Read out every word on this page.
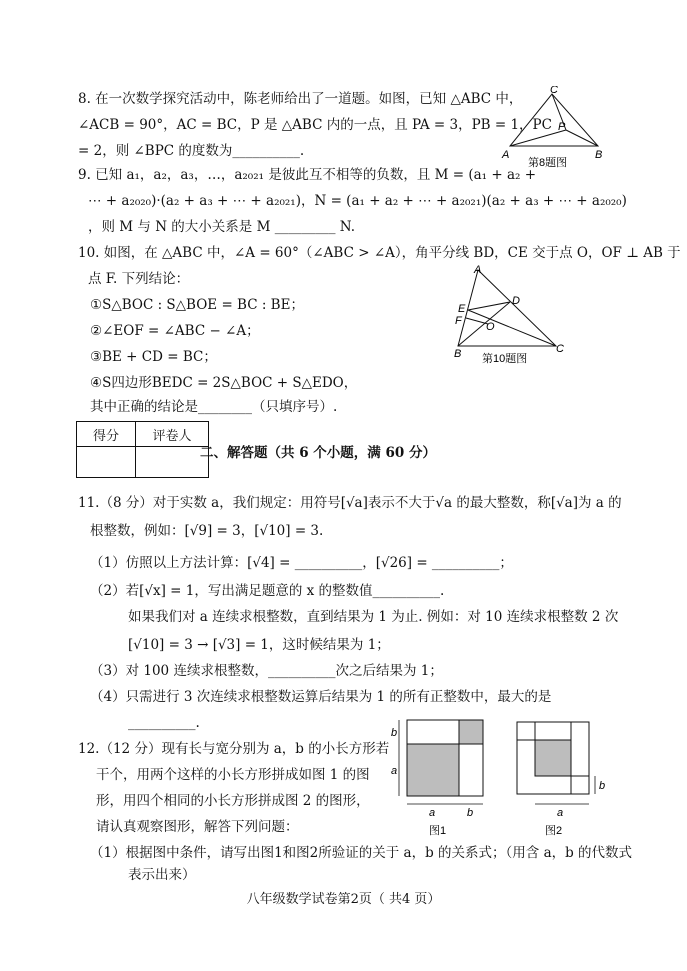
8. 在一次数学探究活动中，陈老师给出了一道题。如图，已知 △ABC 中，
∠ACB = 90°，AC = BC，P 是 △ABC 内的一点，且 PA = 3，PB = 1，PC
= 2，则 ∠BPC 的度数为__________.
C
A	B
P
第8题图
9. 已知 a₁，a₂，a₃，…，a₂₀₂₁ 是彼此互不相等的负数，且 M = (a₁ + a₂ +
⋯ + a₂₀₂₀)·(a₂ + a₃ + ⋯ + a₂₀₂₁)，N = (a₁ + a₂ + ⋯ + a₂₀₂₁)(a₂ + a₃ + ⋯ + a₂₀₂₀)
，则 M 与 N 的大小关系是 M _________ N.
10. 如图，在 △ABC 中，∠A = 60°（∠ABC > ∠A），角平分线 BD，CE 交于点 O，OF ⊥ AB 于
点 F. 下列结论：
①S△BOC : S△BOE = BC : BE；
②∠EOF = ∠ABC − ∠A；
③BE + CD = BC；
④S四边形BEDC = 2S△BOC + S△EDO，
其中正确的结论是________（只填序号）.
A
D
E
F O
B	C
第10题图
得分	评卷人

二、解答题（共 6 个小题，满 60 分）
11.（8 分）对于实数 a，我们规定：用符号[√a]表示不大于√a 的最大整数，称[√a]为 a 的
根整数，例如：[√9] = 3，[√10] = 3.
（1）仿照以上方法计算：[√4] = __________，[√26] = __________；
（2）若[√x] = 1，写出满足题意的 x 的整数值__________.
如果我们对 a 连续求根整数，直到结果为 1 为止. 例如：对 10 连续求根整数 2 次
[√10] = 3 → [√3] = 1，这时候结果为 1；
（3）对 100 连续求根整数，__________次之后结果为 1；
（4）只需进行 3 次连续求根整数运算后结果为 1 的所有正整数中，最大的是
__________.
12.（12 分）现有长与宽分别为 a，b 的小长方形若
干个，用两个这样的小长方形拼成如图 1 的图
形，用四个相同的小长方形拼成图 2 的图形，
请认真观察图形，解答下列问题：
（1）根据图中条件，请写出图1和图2所验证的关于 a，b 的关系式；（用含 a，b 的代数式
表示出来）
b
a
a	b
图1
a
b
图2
八年级数学试卷第2页（ 共4 页）
